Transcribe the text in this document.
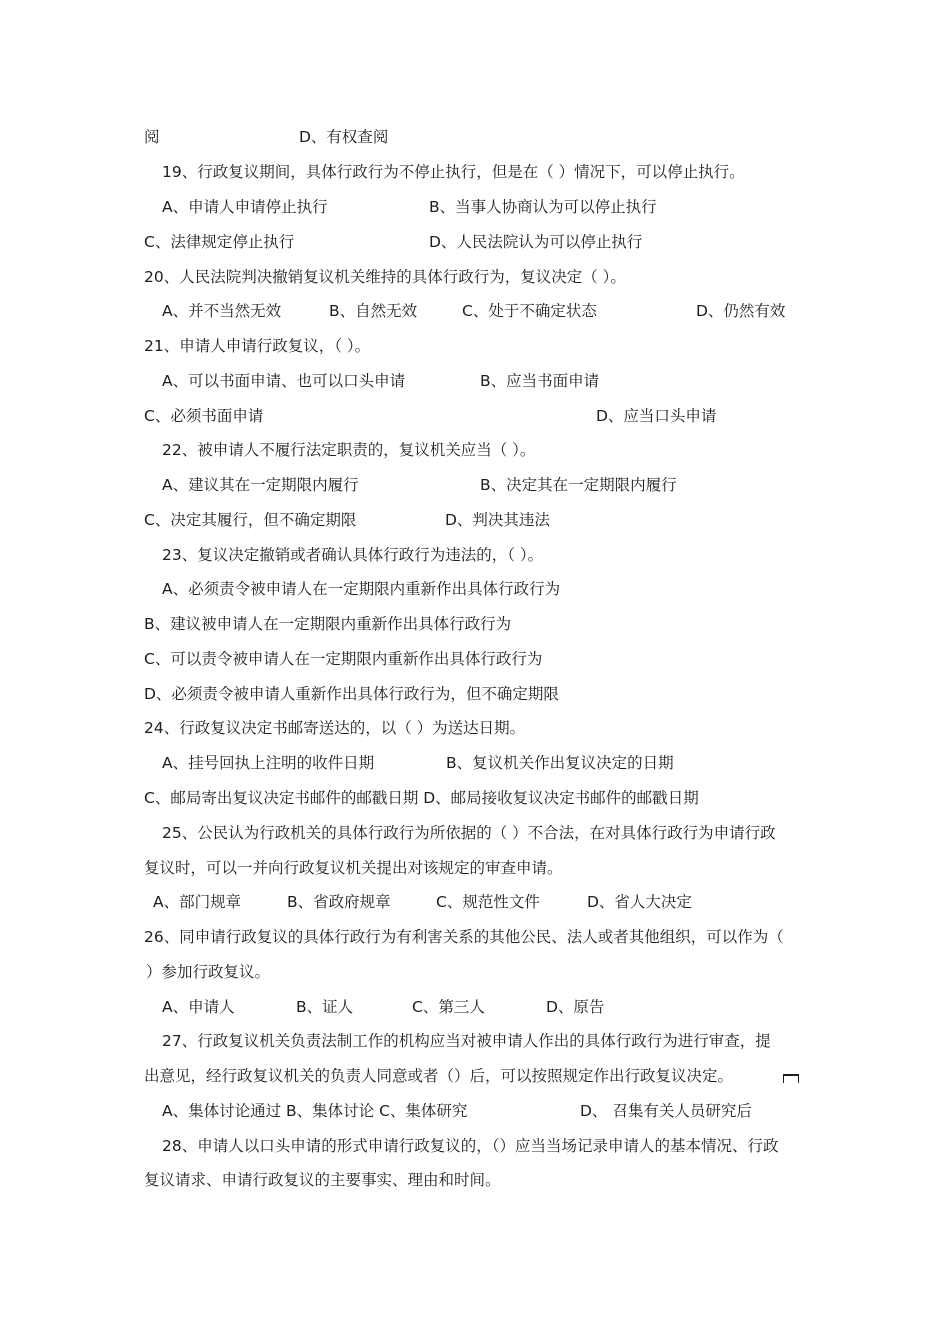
阅	D、有权查阅
19、行政复议期间，具体行政行为不停止执行，但是在（ ）情况下，可以停止执行。
A、申请人申请停止执行	B、当事人协商认为可以停止执行
C、法律规定停止执行	D、人民法院认为可以停止执行
20、人民法院判决撤销复议机关维持的具体行政行为，复议决定（ ）。
A、并不当然无效	B、自然无效	C、处于不确定状态	D、仍然有效
21、申请人申请行政复议，（ ）。
A、可以书面申请、也可以口头申请	B、应当书面申请
C、必须书面申请	D、应当口头申请
22、被申请人不履行法定职责的，复议机关应当（ ）。
A、建议其在一定期限内履行	B、决定其在一定期限内履行
C、决定其履行，但不确定期限	D、判决其违法
23、复议决定撤销或者确认具体行政行为违法的，（ ）。
A、必须责令被申请人在一定期限内重新作出具体行政行为
B、建议被申请人在一定期限内重新作出具体行政行为
C、可以责令被申请人在一定期限内重新作出具体行政行为
D、必须责令被申请人重新作出具体行政行为，但不确定期限
24、行政复议决定书邮寄送达的，以（ ）为送达日期。
A、挂号回执上注明的收件日期	B、复议机关作出复议决定的日期
C、邮局寄出复议决定书邮件的邮戳日期 D、邮局接收复议决定书邮件的邮戳日期
25、公民认为行政机关的具体行政行为所依据的（ ）不合法，在对具体行政行为申请行政
复议时，可以一并向行政复议机关提出对该规定的审查申请。
A、部门规章	B、省政府规章	C、规范性文件	D、省人大决定
26、同申请行政复议的具体行政行为有利害关系的其他公民、法人或者其他组织，可以作为（
）参加行政复议。
A、申请人	B、证人	C、第三人	D、原告
27、行政复议机关负责法制工作的机构应当对被申请人作出的具体行政行为进行审查，提
出意见，经行政复议机关的负责人同意或者（）后，可以按照规定作出行政复议决定。
A、集体讨论通过 B、集体讨论 C、集体研究	D、 召集有关人员研究后
28、申请人以口头申请的形式申请行政复议的，（）应当当场记录申请人的基本情况、行政
复议请求、申请行政复议的主要事实、理由和时间。
